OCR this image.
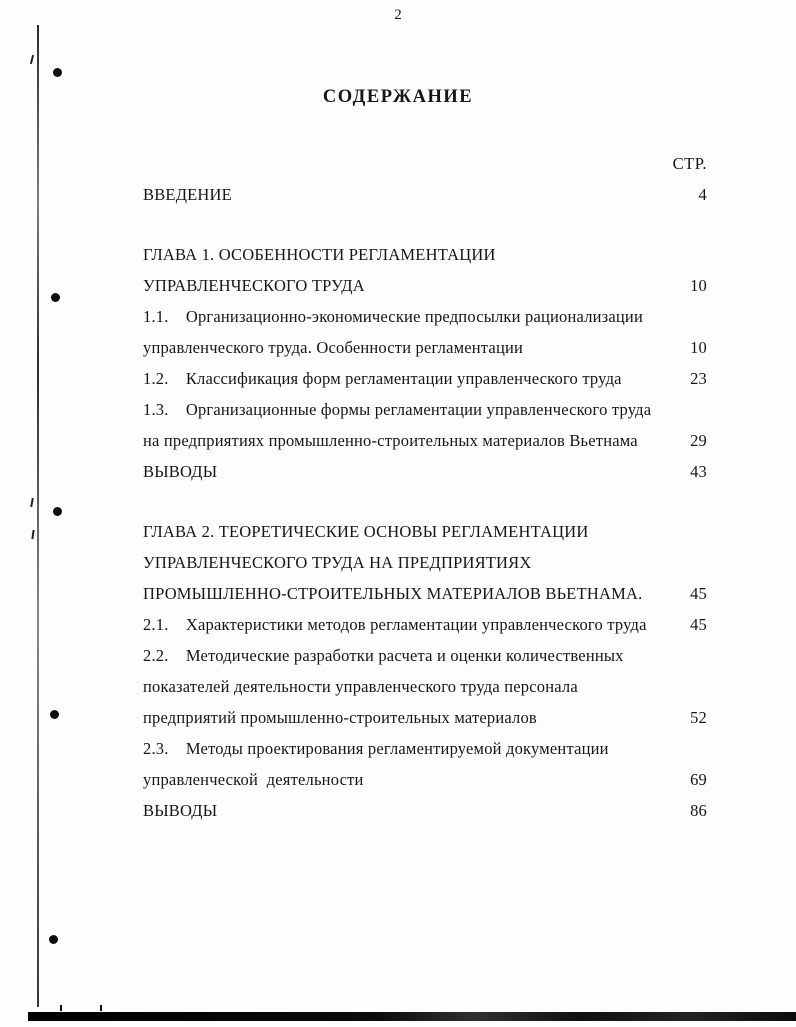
2
СОДЕРЖАНИЕ
СТР.
ВВЕДЕНИЕ	4
ГЛАВА 1. ОСОБЕННОСТИ РЕГЛАМЕНТАЦИИ
УПРАВЛЕНЧЕСКОГО ТРУДА	10
1.1.    Организационно-экономические предпосылки рационализации
управленческого труда. Особенности регламентации	10
1.2.    Классификация форм регламентации управленческого труда	23
1.3.    Организационные формы регламентации управленческого труда
на предприятиях промышленно-строительных материалов Вьетнама	29
ВЫВОДЫ	43
ГЛАВА 2. ТЕОРЕТИЧЕСКИЕ ОСНОВЫ РЕГЛАМЕНТАЦИИ
УПРАВЛЕНЧЕСКОГО ТРУДА НА ПРЕДПРИЯТИЯХ
ПРОМЫШЛЕННО-СТРОИТЕЛЬНЫХ МАТЕРИАЛОВ ВЬЕТНАМА.	45
2.1.    Характеристики методов регламентации управленческого труда	45
2.2.    Методические разработки расчета и оценки количественных
показателей деятельности управленческого труда персонала
предприятий промышленно-строительных материалов	52
2.3.    Методы проектирования регламентируемой документации
управленческой  деятельности	69
ВЫВОДЫ	86
